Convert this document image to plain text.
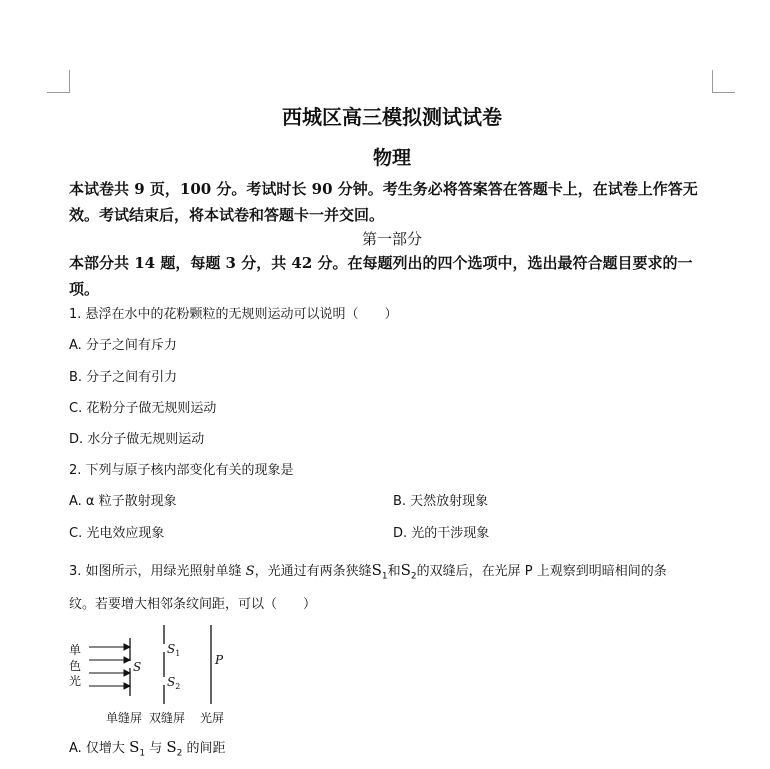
西城区高三模拟测试试卷
物理
本试卷共 9 页，100 分。考试时长 90 分钟。考生务必将答案答在答题卡上，在试卷上作答无效。考试结束后，将本试卷和答题卡一并交回。
第一部分
本部分共 14 题，每题 3 分，共 42 分。在每题列出的四个选项中，选出最符合题目要求的一项。
1. 悬浮在水中的花粉颗粒的无规则运动可以说明（　　）
A. 分子之间有斥力
B. 分子之间有引力
C. 花粉分子做无规则运动
D. 水分子做无规则运动
2. 下列与原子核内部变化有关的现象是
A. α 粒子散射现象	B. 天然放射现象
C. 光电效应现象	D. 光的干涉现象
3. 如图所示，用绿光照射单缝 S，光通过有两条狭缝$S_1$和$S_2$的双缝后，在光屏 P 上观察到明暗相间的条
纹。若要增大相邻条纹间距，可以（　　）
A. 仅增大 $S_1$ 与 $S_2$ 的间距
单
色
光
S
$S_1$
$S_2$
P
单缝屏 双缝屏 光屏
